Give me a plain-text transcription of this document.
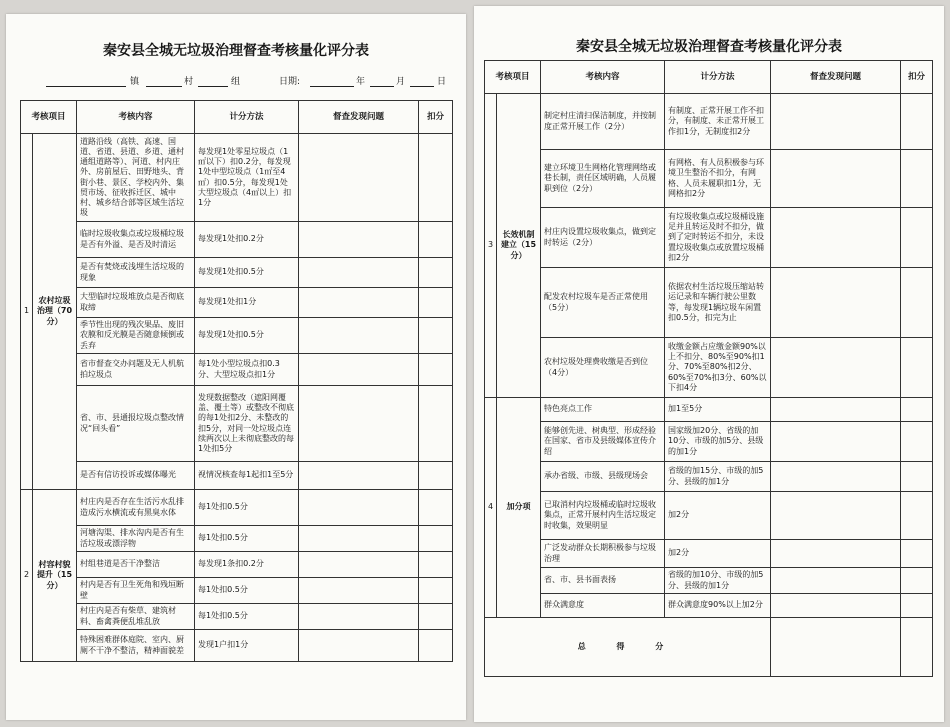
秦安县全城无垃圾治理督查考核量化评分表
镇	村	组	日期:	年	月	日
考核项目		考核内容	计分方法	督查发现问题	扣分
1	农村垃圾治理（70分）	道路沿线（高铁、高速、国道、省道、县道、乡道、通村通组道路等）、河道、村内庄外、房前屋后、田野地头、背街小巷、景区、学校内外、集贸市场、征收拆迁区、城中村、城乡结合部等区域生活垃圾	每发现1处零星垃圾点（1㎡以下）扣0.2分，每发现1处中型垃圾点（1㎡至4㎡）扣0.5分，每发现1处大型垃圾点（4㎡以上）扣1分		
		临时垃圾收集点或垃圾桶垃圾是否有外溢、是否及时清运	每发现1处扣0.2分		
		是否有焚烧或浅埋生活垃圾的现象	每发现1处扣0.5分		
		大型临时垃圾堆放点是否彻底取缔	每发现1处扣1分		
		季节性出现的残次果品、废旧农膜和反光膜是否随意倾倒或丢弃	每发现1处扣0.5分		
		省市督查交办问题及无人机航拍垃圾点	每1处小型垃圾点扣0.3分、大型垃圾点扣1分		
		省、市、县通报垃圾点整改情况“回头看”	发现数据整改（遮阳网覆盖、覆土等）或整改不彻底的每1处扣2分、未整改的扣5分，对同一处垃圾点连续两次以上未彻底整改的每1处扣5分		
		是否有信访投诉或媒体曝光	视情况核查每1起扣1至5分		
2	村容村貌提升（15分）	村庄内是否存在生活污水乱排造成污水横流或有黑臭水体	每1处扣0.5分		
		河塘沟渠、排水沟内是否有生活垃圾或漂浮物	每1处扣0.5分		
		村组巷道是否干净整洁	每发现1条扣0.2分		
		村内是否有卫生死角和残垣断壁	每1处扣0.5分		
		村庄内是否有柴草、建筑材料、畜禽粪便乱堆乱放	每1处扣0.5分		
		特殊困难群体庭院、室内、厨厕不干净不整洁，精神面貌差	发现1户扣1分		
秦安县全城无垃圾治理督查考核量化评分表
考核项目		考核内容	计分方法	督查发现问题	扣分
3	长效机制建立（15分）	制定村庄清扫保洁制度，并按制度正常开展工作（2分）	有制度、正常开展工作不扣分，有制度、未正常开展工作扣1分，无制度扣2分		
		建立环境卫生网格化管理网络或巷长制，责任区域明确，人员履职到位（2分）	有网格、有人员积极参与环境卫生整治不扣分，有网格、人员未履职扣1分，无网格扣2分		
		村庄内设置垃圾收集点，做到定时转运（2分）	有垃圾收集点或垃圾桶设施足并且转运及时不扣分，做到了定时转运不扣分，未设置垃圾收集点或放置垃圾桶扣2分		
		配发农村垃圾车是否正常使用（5分）	依据农村生活垃圾压缩站转运记录和车辆行驶公里数等，每发现1辆垃圾车闲置扣0.5分，扣完为止		
		农村垃圾处理费收缴是否到位（4分）	收缴金额占应缴金额90%以上不扣分、80%至90%扣1分、70%至80%扣2分、60%至70%扣3分、60%以下扣4分		
4	加分项	特色亮点工作	加1至5分		
		能够创先进、树典型、形成经验在国家、省市及县级媒体宣传介绍	国家级加20分、省级的加10分、市级的加5分、县级的加1分		
		承办省级、市级、县级现场会	省级的加15分、市级的加5分、县级的加1分		
		已取消村内垃圾桶或临时垃圾收集点，正常开展村内生活垃圾定时收集，效果明显	加2分		
		广泛发动群众长期积极参与垃圾治理	加2分		
		省、市、县书面表扬	省级的加10分、市级的加5分、县级的加1分		
		群众满意度	群众满意度90%以上加2分		
总 得 分					
